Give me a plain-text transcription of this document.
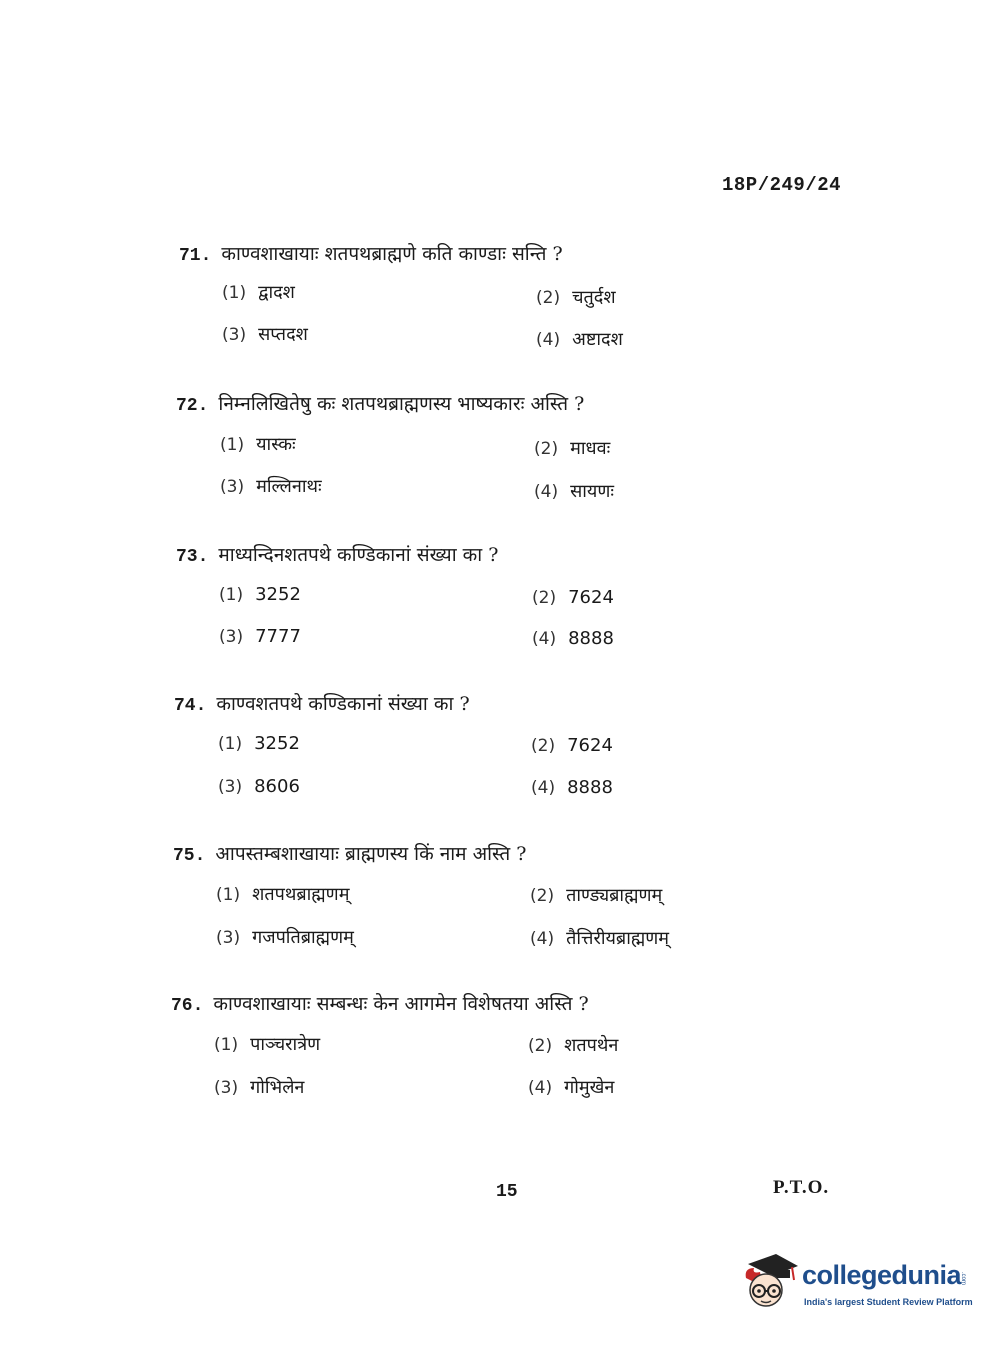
18P/249/24
71. काण्वशाखायाः शतपथब्राह्मणे कति काण्डाः सन्ति ?
(1) द्वादश	(2) चतुर्दश
(3) सप्तदश	(4) अष्टादश
72. निम्नलिखितेषु कः शतपथब्राह्मणस्य भाष्यकारः अस्ति ?
(1) यास्कः	(2) माधवः
(3) मल्लिनाथः	(4) सायणः
73. माध्यन्दिनशतपथे कण्डिकानां संख्या का ?
(1) 3252	(2) 7624
(3) 7777	(4) 8888
74. काण्वशतपथे कण्डिकानां संख्या का ?
(1) 3252	(2) 7624
(3) 8606	(4) 8888
75. आपस्तम्बशाखायाः ब्राह्मणस्य किं नाम अस्ति ?
(1) शतपथब्राह्मणम्	(2) ताण्ड्यब्राह्मणम्
(3) गजपतिब्राह्मणम्	(4) तैत्तिरीयब्राह्मणम्
76. काण्वशाखायाः सम्बन्धः केन आगमेन विशेषतया अस्ति ?
(1) पाञ्चरात्रेण	(2) शतपथेन
(3) गोभिलेन	(4) गोमुखेन
15	P.T.O.
collegedunia
.com
India's largest Student Review Platform
